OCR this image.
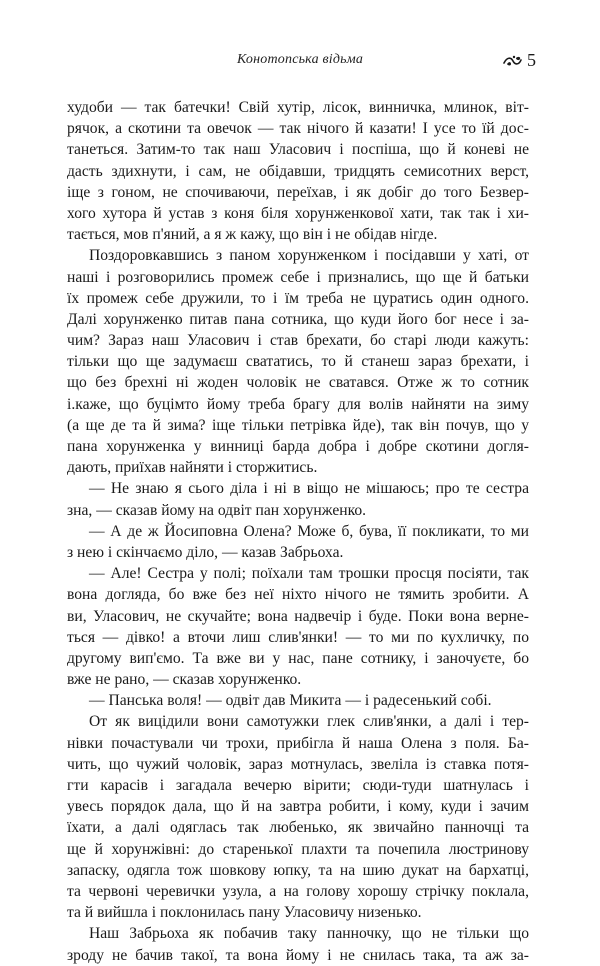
Конотопська відьма	5
худоби — так батечки! Свій хутір, лісок, винничка, млинок, віт-
рячок, а скотини та овечок — так нічого й казати! І усе то їй дос-
танеться. Затим-то так наш Уласович і поспіша, що й коневі не
дасть здихнути, і сам, не обідавши, тридцять семисотних верст,
іще з гоном, не спочиваючи, переїхав, і як добіг до того Безвер-
хого хутора й устав з коня біля хорунженкової хати, так так і хи-
тається, мов п'яний, а я ж кажу, що він і не обідав нігде.
Поздоровкавшись з паном хорунженком і посідавши у хаті, от
наші і розговорились промеж себе і признались, що ще й батьки
їх промеж себе дружили, то і їм треба не цуратись один одного.
Далі хорунженко питав пана сотника, що куди його бог несе і за-
чим? Зараз наш Уласович і став брехати, бо старі люди кажуть:
тільки що ще задумаєш свататись, то й станеш зараз брехати, і
що без брехні ні жоден чоловік не сватався. Отже ж то сотник
і.каже, що буцімто йому треба брагу для волів найняти на зиму
(а ще де та й зима? іще тільки петрівка йде), так він почув, що у
пана хорунженка у винниці барда добра і добре скотини догля-
дають, приїхав найняти і сторжитись.
— Не знаю я сього діла і ні в віщо не мішаюсь; про те сестра
зна, — сказав йому на одвіт пан хорунженко.
— А де ж Йосиповна Олена? Може б, бува, її покликати, то ми
з нею і скінчаємо діло, — казав Забрьоха.
— Але! Сестра у полі; поїхали там трошки просця посіяти, так
вона догляда, бо вже без неї ніхто нічого не тямить зробити. А
ви, Уласович, не скучайте; вона надвечір і буде. Поки вона верне-
ться — дівко! а вточи лиш слив'янки! — то ми по кухличку, по
другому вип'ємо. Та вже ви у нас, пане сотнику, і заночуєте, бо
вже не рано, — сказав хорунженко.
— Панська воля! — одвіт дав Микита — і радесенький собі.
От як вицідили вони самотужки глек слив'янки, а далі і тер-
нівки почастували чи трохи, прибігла й наша Олена з поля. Ба-
чить, що чужий чоловік, зараз мотнулась, звеліла із ставка потя-
гти карасів і загадала вечерю вірити; сюди-туди шатнулась і
увесь порядок дала, що й на завтра робити, і кому, куди і зачим
їхати, а далі одяглась так любенько, як звичайно панночці та
ще й хорунжівні: до старенької плахти та почепила люстринову
запаску, одягла тож шовкову юпку, та на шию дукат на бархатці,
та червоні черевички узула, а на голову хорошу стрічку поклала,
та й вийшла і поклонилась пану Уласовичу низенько.
Наш Забрьоха як побачив таку панночку, що не тільки що
зроду не бачив такої, та вона йому і не снилась така, та аж за-
